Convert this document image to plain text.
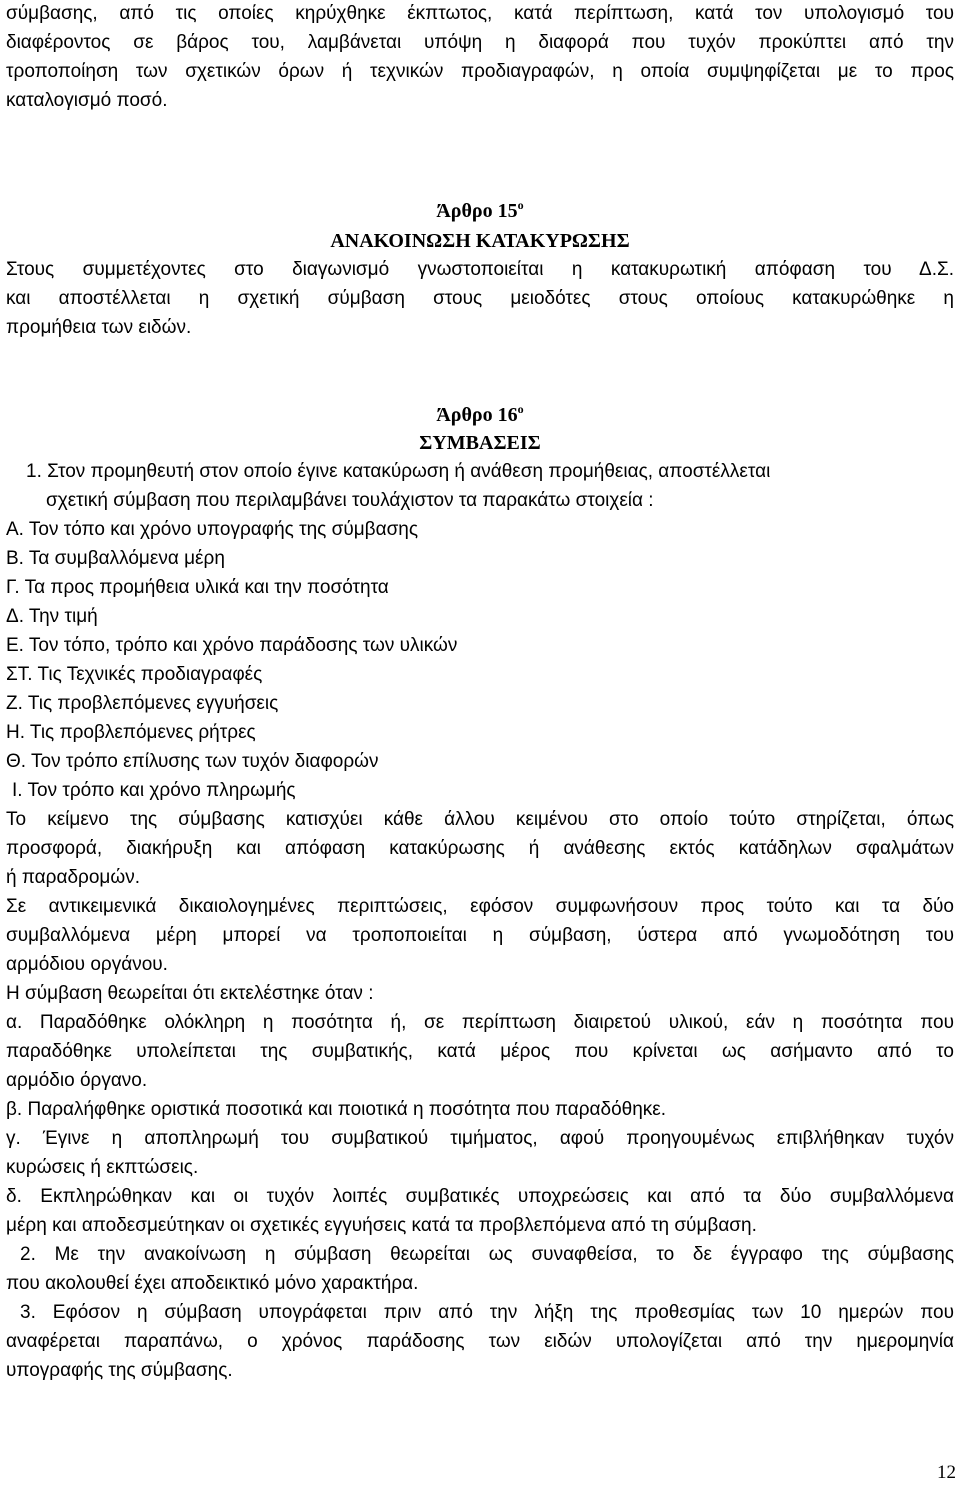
σύμβασης, από τις οποίες κηρύχθηκε έκπτωτος, κατά περίπτωση, κατά τον υπολογισμό του
διαφέροντος σε βάρος του, λαμβάνεται υπόψη η διαφορά που τυχόν προκύπτει από την
τροποποίηση των σχετικών όρων ή τεχνικών προδιαγραφών, η οποία συμψηφίζεται με το προς
καταλογισμό ποσό.
Άρθρο $15^o$
ΑΝΑΚΟΙΝΩΣΗ ΚΑΤΑΚΥΡΩΣΗΣ
Στους συμμετέχοντες στο διαγωνισμό γνωστοποιείται η κατακυρωτική απόφαση του Δ.Σ.
και αποστέλλεται η σχετική σύμβαση στους μειοδότες στους οποίους κατακυρώθηκε η
προμήθεια των ειδών.
Άρθρο $16^o$
ΣΥΜΒΑΣΕΙΣ
1. Στον προμηθευτή στον οποίο έγινε κατακύρωση ή ανάθεση προμήθειας, αποστέλλεται
σχετική σύμβαση που περιλαμβάνει τουλάχιστον τα παρακάτω στοιχεία :
Α. Τον τόπο και χρόνο υπογραφής της σύμβασης
Β. Τα συμβαλλόμενα μέρη
Γ. Τα προς προμήθεια υλικά και την ποσότητα
Δ. Την τιμή
Ε. Τον τόπο, τρόπο και χρόνο παράδοσης των υλικών
ΣΤ. Τις Τεχνικές προδιαγραφές
Ζ. Τις προβλεπόμενες εγγυήσεις
Η. Τις προβλεπόμενες ρήτρες
Θ. Τον τρόπο επίλυσης των τυχόν διαφορών
Ι. Τον τρόπο και χρόνο πληρωμής
Το κείμενο της σύμβασης κατισχύει κάθε άλλου κειμένου στο οποίο τούτο στηρίζεται, όπως
προσφορά, διακήρυξη και απόφαση κατακύρωσης ή ανάθεσης εκτός κατάδηλων σφαλμάτων
ή παραδρομών.
Σε αντικειμενικά δικαιολογημένες περιπτώσεις, εφόσον συμφωνήσουν προς τούτο και τα δύο
συμβαλλόμενα μέρη μπορεί να τροποποιείται η σύμβαση, ύστερα από γνωμοδότηση του
αρμόδιου οργάνου.
Η σύμβαση θεωρείται ότι εκτελέστηκε όταν :
α. Παραδόθηκε ολόκληρη η ποσότητα ή, σε περίπτωση διαιρετού υλικού, εάν η ποσότητα που
παραδόθηκε υπολείπεται της συμβατικής, κατά μέρος που κρίνεται ως ασήμαντο από το
αρμόδιο όργανο.
β. Παραλήφθηκε οριστικά ποσοτικά και ποιοτικά η ποσότητα που παραδόθηκε.
γ. Έγινε η αποπληρωμή του συμβατικού τιμήματος, αφού προηγουμένως επιβλήθηκαν τυχόν
κυρώσεις ή εκπτώσεις.
δ. Εκπληρώθηκαν και οι τυχόν λοιπές συμβατικές υποχρεώσεις και από τα δύο συμβαλλόμενα
μέρη και αποδεσμεύτηκαν οι σχετικές εγγυήσεις κατά τα προβλεπόμενα από τη σύμβαση.
2. Με την ανακοίνωση η σύμβαση θεωρείται ως συναφθείσα, το δε έγγραφο της σύμβασης
που ακολουθεί έχει αποδεικτικό μόνο χαρακτήρα.
3. Εφόσον η σύμβαση υπογράφεται πριν από την λήξη της προθεσμίας των 10 ημερών που
αναφέρεται παραπάνω, ο χρόνος παράδοσης των ειδών υπολογίζεται από την ημερομηνία
υπογραφής της σύμβασης.
12
